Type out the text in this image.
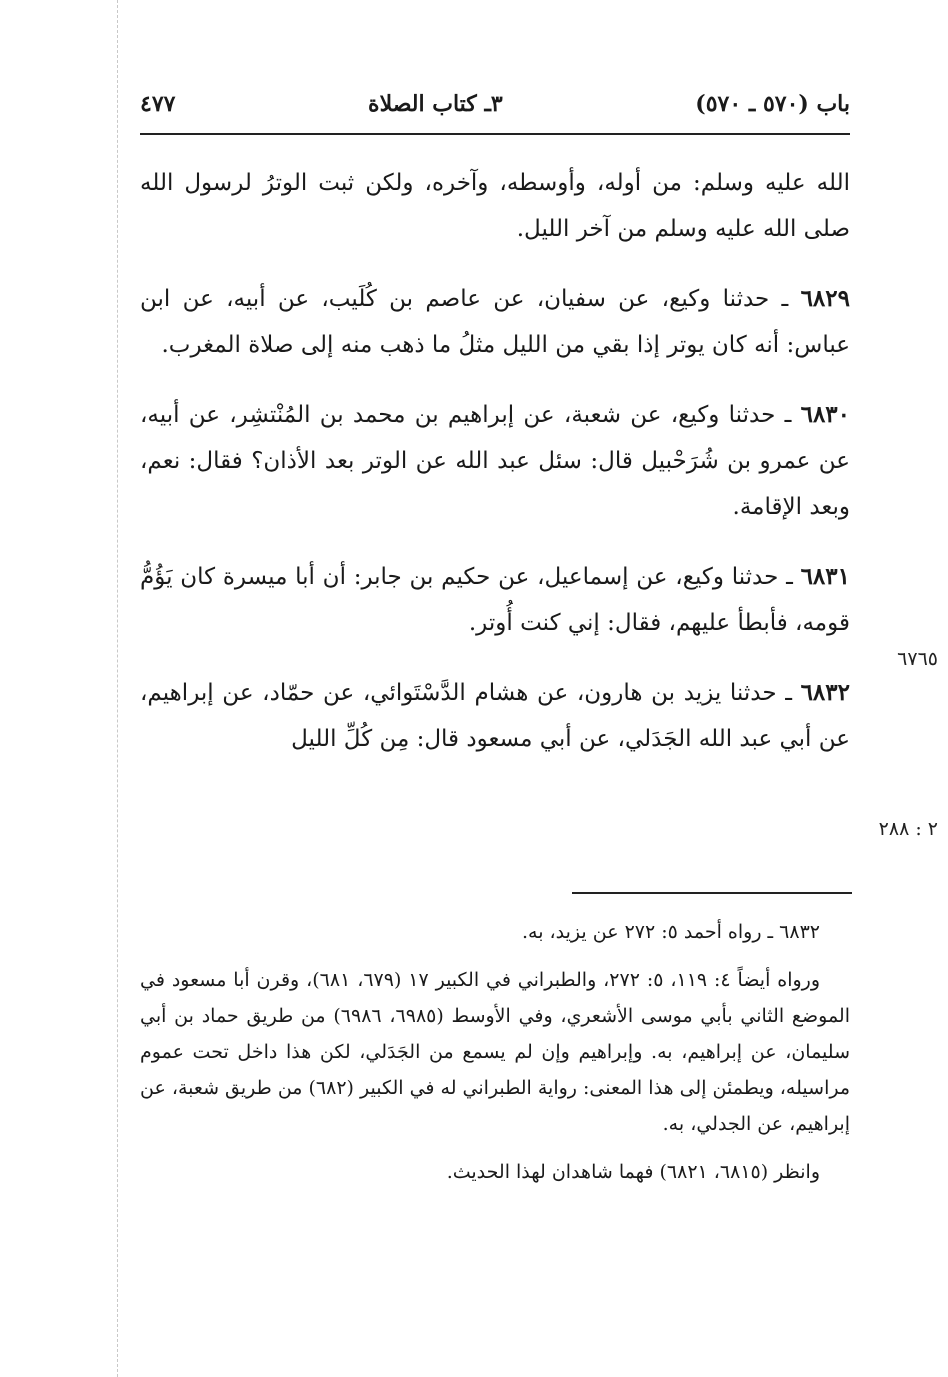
باب (٥٧٠ ـ ٥٧٠)
٣ـ كتاب الصلاة
٤٧٧

الله عليه وسلم: من أوله، وأوسطه، وآخره، ولكن ثبت الوترُ لرسول الله صلى الله عليه وسلم من آخر الليل.

٦٨٢٩ ـ حدثنا وكيع، عن سفيان، عن عاصم بن كُلَيب، عن أبيه، عن ابن عباس: أنه كان يوتر إذا بقي من الليل مثلُ ما ذهب منه إلى صلاة المغرب.

٦٨٣٠ ـ حدثنا وكيع، عن شعبة، عن إبراهيم بن محمد بن المُنْتشِر، عن أبيه، عن عمرو بن شُرَحْبيل قال: سئل عبد الله عن الوتر بعد الأذان؟ فقال: نعم، وبعد الإقامة.

٦٨٣١ ـ حدثنا وكيع، عن إسماعيل، عن حكيم بن جابر: أن أبا ميسرة كان يَؤُمُّ قومه، فأبطأ عليهم، فقال: إني كنت أُوتر.

٦٨٣٢ ـ حدثنا يزيد بن هارون، عن هشام الدَّسْتَوائي، عن حمّاد، عن إبراهيم، عن أبي عبد الله الجَدَلي، عن أبي مسعود قال: مِن كُلِّ الليل

٦٧٦٥
٢ : ٢٨٨

٦٨٣٢ ـ رواه أحمد ٥: ٢٧٢ عن يزيد، به.

ورواه أيضاً ٤: ١١٩، ٥: ٢٧٢، والطبراني في الكبير ١٧ (٦٧٩، ٦٨١)، وقرن أبا مسعود في الموضع الثاني بأبي موسى الأشعري، وفي الأوسط (٦٩٨٥، ٦٩٨٦) من طريق حماد بن أبي سليمان، عن إبراهيم، به. وإبراهيم وإن لم يسمع من الجَدَلي، لكن هذا داخل تحت عموم مراسيله، ويطمئن إلى هذا المعنى: رواية الطبراني له في الكبير (٦٨٢) من طريق شعبة، عن إبراهيم، عن الجدلي، به.

وانظر (٦٨١٥، ٦٨٢١) فهما شاهدان لهذا الحديث.
